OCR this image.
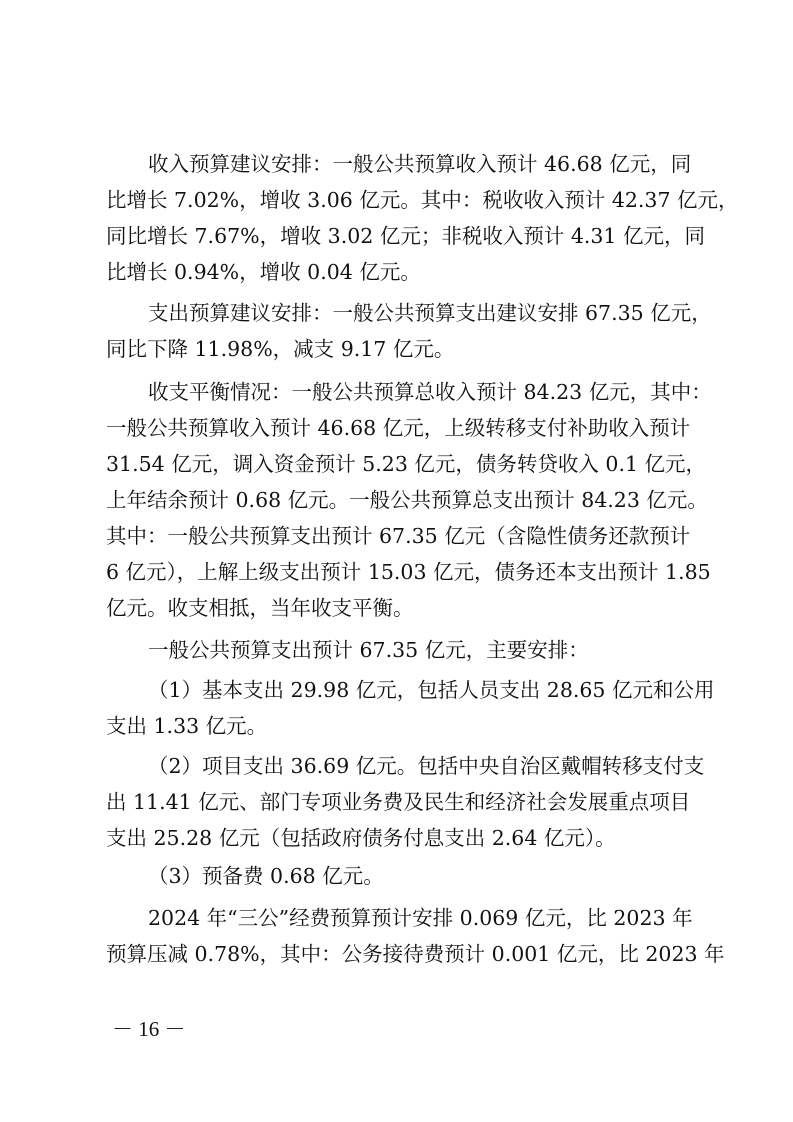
收入预算建议安排：一般公共预算收入预计 46.68 亿元，同
比增长 7.02%，增收 3.06 亿元。其中：税收收入预计 42.37 亿元，
同比增长 7.67%，增收 3.02 亿元；非税收入预计 4.31 亿元，同
比增长 0.94%，增收 0.04 亿元。
支出预算建议安排：一般公共预算支出建议安排 67.35 亿元，
同比下降 11.98%，减支 9.17 亿元。
收支平衡情况：一般公共预算总收入预计 84.23 亿元，其中：
一般公共预算收入预计 46.68 亿元，上级转移支付补助收入预计
31.54 亿元，调入资金预计 5.23 亿元，债务转贷收入 0.1 亿元，
上年结余预计 0.68 亿元。一般公共预算总支出预计 84.23 亿元。
其中：一般公共预算支出预计 67.35 亿元（含隐性债务还款预计
6 亿元），上解上级支出预计 15.03 亿元，债务还本支出预计 1.85
亿元。收支相抵，当年收支平衡。
一般公共预算支出预计 67.35 亿元，主要安排：
（1）基本支出 29.98 亿元，包括人员支出 28.65 亿元和公用
支出 1.33 亿元。
（2）项目支出 36.69 亿元。包括中央自治区戴帽转移支付支
出 11.41 亿元、部门专项业务费及民生和经济社会发展重点项目
支出 25.28 亿元（包括政府债务付息支出 2.64 亿元）。
（3）预备费 0.68 亿元。
2024 年“三公”经费预算预计安排 0.069 亿元，比 2023 年
预算压减 0.78%，其中：公务接待费预计 0.001 亿元，比 2023 年
－ 16 －
